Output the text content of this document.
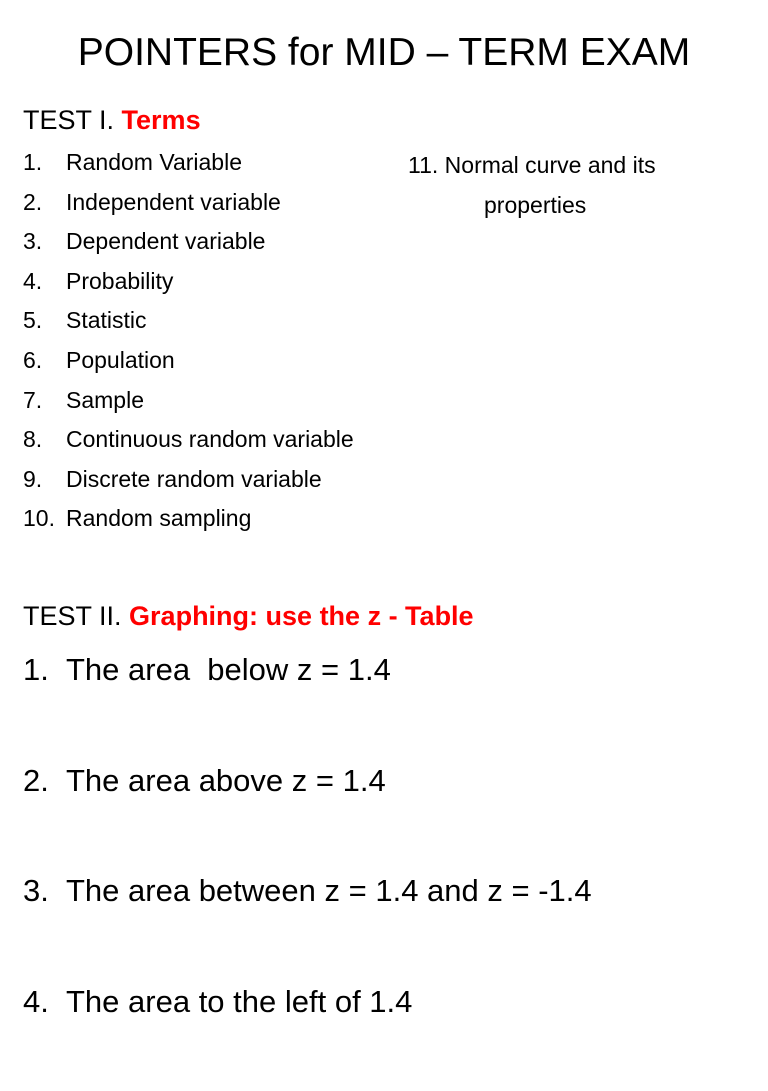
POINTERS for MID – TERM EXAM
TEST I. Terms
1. Random Variable
2. Independent variable
3. Dependent variable
4. Probability
5. Statistic
6. Population
7. Sample
8. Continuous random variable
9. Discrete random variable
10. Random sampling
11. Normal curve and its
properties
TEST II. Graphing: use the z - Table
1. The area  below z = 1.4
2. The area above z = 1.4
3. The area between z = 1.4 and z = -1.4
4. The area to the left of 1.4
